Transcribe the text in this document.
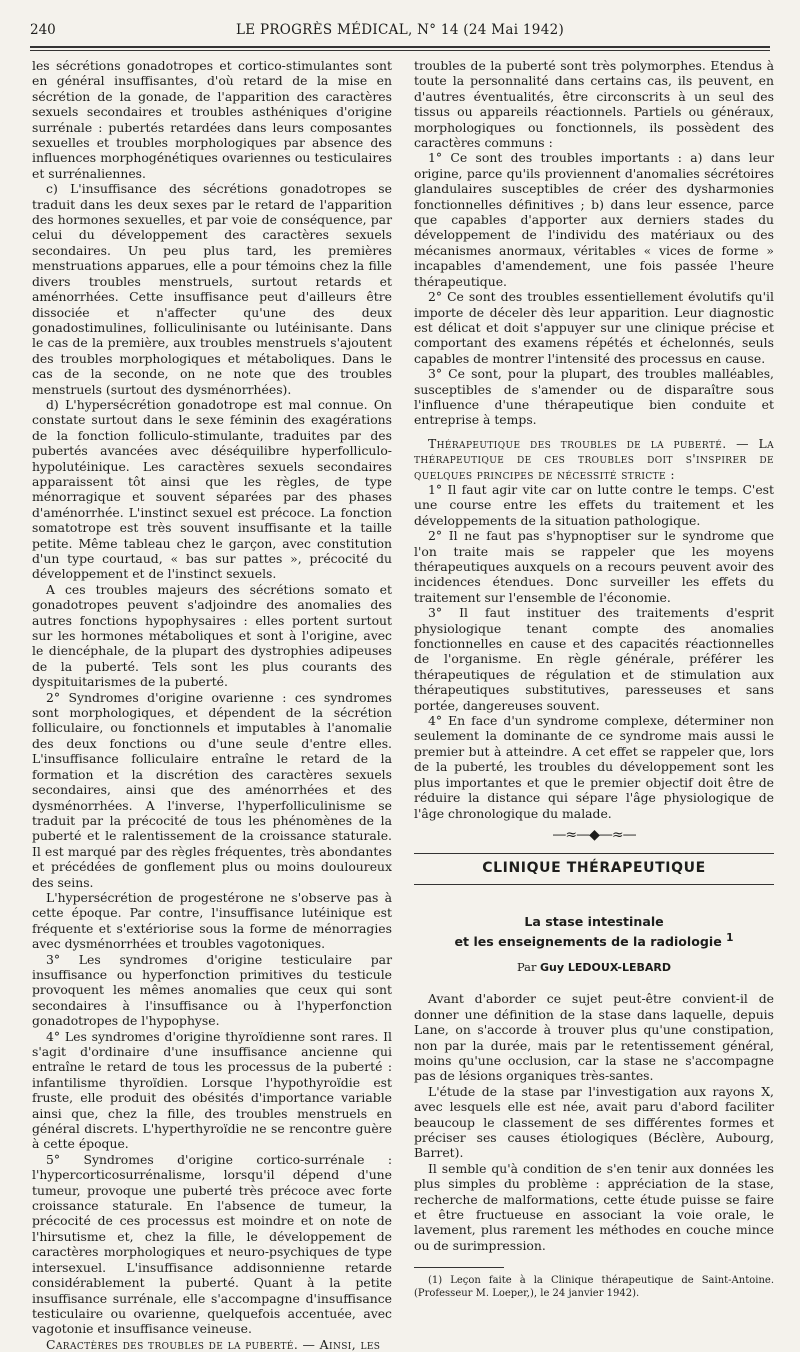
240	LE PROGRÈS MÉDICAL, N° 14 (24 Mai 1942)

les sécrétions gonadotropes et cortico-stimulantes sont en général insuffisantes, d'où retard de la mise en sécrétion de la gonade, de l'apparition des caractères sexuels secondaires et troubles asthéniques d'origine surrénale : pubertés retardées dans leurs composantes sexuelles et troubles morphologiques par absence des influences morphogénétiques ovariennes ou testiculaires et surrénaliennes.

c) L'insuffisance des sécrétions gonadotropes se traduit dans les deux sexes par le retard de l'apparition des hormones sexuelles, et par voie de conséquence, par celui du développement des caractères sexuels secondaires. Un peu plus tard, les premières menstruations apparues, elle a pour témoins chez la fille divers troubles menstruels, surtout retards et aménorrhées. Cette insuffisance peut d'ailleurs être dissociée et n'affecter qu'une des deux gonadostimulines, folliculinisante ou lutéinisante. Dans le cas de la première, aux troubles menstruels s'ajoutent des troubles morphologiques et métaboliques. Dans le cas de la seconde, on ne note que des troubles menstruels (surtout des dysménorrhées).

d) L'hypersécrétion gonadotrope est mal connue. On constate surtout dans le sexe féminin des exagérations de la fonction folliculo-stimulante, traduites par des pubertés avancées avec déséquilibre hyperfolliculo-hypolutéinique. Les caractères sexuels secondaires apparaissent tôt ainsi que les règles, de type ménorragique et souvent séparées par des phases d'aménorrhée. L'instinct sexuel est précoce. La fonction somatotrope est très souvent insuffisante et la taille petite. Même tableau chez le garçon, avec constitution d'un type courtaud, « bas sur pattes », précocité du développement et de l'instinct sexuels.

A ces troubles majeurs des sécrétions somato et gonadotropes peuvent s'adjoindre des anomalies des autres fonctions hypophysaires : elles portent surtout sur les hormones métaboliques et sont à l'origine, avec le diencéphale, de la plupart des dystrophies adipeuses de la puberté. Tels sont les plus courants des dyspituitarismes de la puberté.

2° Syndromes d'origine ovarienne : ces syndromes sont morphologiques, et dépendent de la sécrétion folliculaire, ou fonctionnels et imputables à l'anomalie des deux fonctions ou d'une seule d'entre elles. L'insuffisance folliculaire entraîne le retard de la formation et la discrétion des caractères sexuels secondaires, ainsi que des aménorrhées et des dysménorrhées. A l'inverse, l'hyperfolliculinisme se traduit par la précocité de tous les phénomènes de la puberté et le ralentissement de la croissance staturale. Il est marqué par des règles fréquentes, très abondantes et précédées de gonflement plus ou moins douloureux des seins.

L'hypersécrétion de progestérone ne s'observe pas à cette époque. Par contre, l'insuffisance lutéinique est fréquente et s'extériorise sous la forme de ménorragies avec dysménorrhées et troubles vagotoniques.

3° Les syndromes d'origine testiculaire par insuffisance ou hyperfonction primitives du testicule provoquent les mêmes anomalies que ceux qui sont secondaires à l'insuffisance ou à l'hyperfonction gonadotropes de l'hypophyse.

4° Les syndromes d'origine thyroïdienne sont rares. Il s'agit d'ordinaire d'une insuffisance ancienne qui entraîne le retard de tous les processus de la puberté : infantilisme thyroïdien. Lorsque l'hypothyroïdie est fruste, elle produit des obésités d'importance variable ainsi que, chez la fille, des troubles menstruels en général discrets. L'hyperthyroïdie ne se rencontre guère à cette époque.

5° Syndromes d'origine cortico-surrénale : l'hypercorticosurrénalisme, lorsqu'il dépend d'une tumeur, provoque une puberté très précoce avec forte croissance staturale. En l'absence de tumeur, la précocité de ces processus est moindre et on note de l'hirsutisme et, chez la fille, le développement de caractères morphologiques et neuro-psychiques de type intersexuel. L'insuffisance addisonnienne retarde considérablement la puberté. Quant à la petite insuffisance surrénale, elle s'accompagne d'insuffisance testiculaire ou ovarienne, quelquefois accentuée, avec vagotonie et insuffisance veineuse.

Caractères des troubles de la puberté. — Ainsi, les

troubles de la puberté sont très polymorphes. Etendus à toute la personnalité dans certains cas, ils peuvent, en d'autres éventualités, être circonscrits à un seul des tissus ou appareils réactionnels. Partiels ou généraux, morphologiques ou fonctionnels, ils possèdent des caractères communs :

1° Ce sont des troubles importants : a) dans leur origine, parce qu'ils proviennent d'anomalies sécrétoires glandulaires susceptibles de créer des dysharmonies fonctionnelles définitives ; b) dans leur essence, parce que capables d'apporter aux derniers stades du développement de l'individu des matériaux ou des mécanismes anormaux, véritables « vices de forme » incapables d'amendement, une fois passée l'heure thérapeutique.

2° Ce sont des troubles essentiellement évolutifs qu'il importe de déceler dès leur apparition. Leur diagnostic est délicat et doit s'appuyer sur une clinique précise et comportant des examens répétés et échelonnés, seuls capables de montrer l'intensité des processus en cause.

3° Ce sont, pour la plupart, des troubles malléables, susceptibles de s'amender ou de disparaître sous l'influence d'une thérapeutique bien conduite et entreprise à temps.

Thérapeutique des troubles de la puberté. — La thérapeutique de ces troubles doit s'inspirer de quelques principes de nécessité stricte :

1° Il faut agir vite car on lutte contre le temps. C'est une course entre les effets du traitement et les développements de la situation pathologique.

2° Il ne faut pas s'hypnoptiser sur le syndrome que l'on traite mais se rappeler que les moyens thérapeutiques auxquels on a recours peuvent avoir des incidences étendues. Donc surveiller les effets du traitement sur l'ensemble de l'économie.

3° Il faut instituer des traitements d'esprit physiologique tenant compte des anomalies fonctionnelles en cause et des capacités réactionnelles de l'organisme. En règle générale, préférer les thérapeutiques de régulation et de stimulation aux thérapeutiques substitutives, paresseuses et sans portée, dangereuses souvent.

4° En face d'un syndrome complexe, déterminer non seulement la dominante de ce syndrome mais aussi le premier but à atteindre. A cet effet se rappeler que, lors de la puberté, les troubles du développement sont les plus importantes et que le premier objectif doit être de réduire la distance qui sépare l'âge physiologique de l'âge chronologique du malade.

—≈—◆—≈—
CLINIQUE THÉRAPEUTIQUE
La stase intestinale
et les enseignements de la radiologie $^1$
Par Guy LEDOUX-LEBARD

Avant d'aborder ce sujet peut-être convient-il de donner une définition de la stase dans laquelle, depuis Lane, on s'accorde à trouver plus qu'une constipation, non par la durée, mais par le retentissement général, moins qu'une occlusion, car la stase ne s'accompagne pas de lésions organiques très-santes.

L'étude de la stase par l'investigation aux rayons X, avec lesquels elle est née, avait paru d'abord faciliter beaucoup le classement de ses différentes formes et préciser ses causes étiologiques (Béclère, Aubourg, Barret).

Il semble qu'à condition de s'en tenir aux données les plus simples du problème : appréciation de la stase, recherche de malformations, cette étude puisse se faire et être fructueuse en associant la voie orale, le lavement, plus rarement les méthodes en couche mince ou de surimpression.

(1) Leçon faite à la Clinique thérapeutique de Saint-Antoine. (Professeur M. Loeper,), le 24 janvier 1942).
